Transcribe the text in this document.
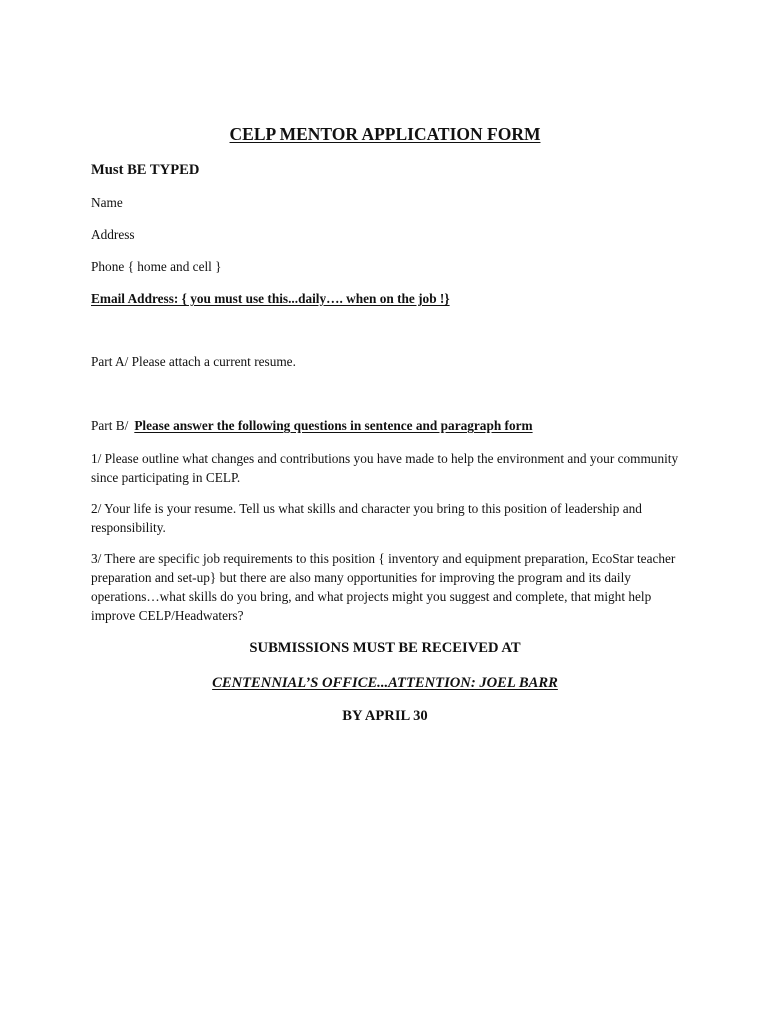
CELP MENTOR APPLICATION FORM
Must BE TYPED
Name
Address
Phone { home and cell }
Email Address: { you must use this...daily…. when on the job !}
Part A/ Please attach a current resume.
Part B/ Please answer the following questions in sentence and paragraph form
1/ Please outline what changes and contributions you have made to help the environment and your community since participating in CELP.
2/ Your life is your resume. Tell us what skills and character you bring to this position of leadership and responsibility.
3/ There are specific job requirements to this position { inventory and equipment preparation, EcoStar teacher preparation and set-up} but there are also many opportunities for improving the program and its daily operations…what skills do you bring, and what projects might you suggest and complete, that might help improve CELP/Headwaters?
SUBMISSIONS MUST BE RECEIVED AT
CENTENNIAL’S OFFICE...ATTENTION: JOEL BARR
BY APRIL 30
